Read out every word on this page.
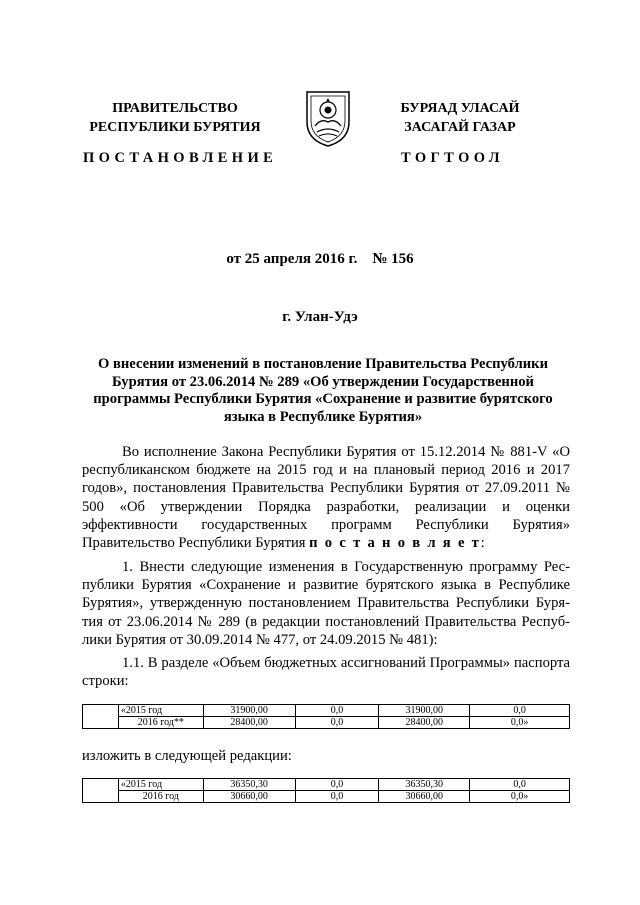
ПРАВИТЕЛЬСТВО
РЕСПУБЛИКИ БУРЯТИЯ
БУРЯАД УЛАСАЙ
ЗАСАГАЙ ГАЗАР
ПОСТАНОВЛЕНИЕ	ТОГТООЛ
от 25 апреля 2016 г.    № 156
г. Улан-Удэ
О внесении изменений в постановление Правительства Республики Бурятия от 23.06.2014 № 289 «Об утверждении Государственной программы Республики Бурятия «Сохранение и развитие бурятского языка в Республике Бурятия»
Во исполнение Закона Республики Бурятия от 15.12.2014 № 881-V «О республиканском бюджете на 2015 год и на плановый период 2016 и 2017 годов», постановления Правительства Республики Бурятия от 27.09.2011 № 500 «Об утверждении Порядка разработки, реализации и оценки эффективности государственных программ Республики Бурятия» Правительство Республики Бурятия п о с т а н о в л я е т:
1. Внести следующие изменения в Государственную программу Республики Бурятия «Сохранение и развитие бурятского языка в Республике Бурятия», утвержденную постановлением Правительства Республики Бурятия от 23.06.2014 № 289 (в редакции постановлений Правительства Республики Бурятия от 30.09.2014 № 477, от 24.09.2015 № 481):
1.1. В разделе «Объем бюджетных ассигнований Программы» паспорта строки:
	«2015 год	31900,00	0,0	31900,00	0,0
	2016 год**	28400,00	0,0	28400,00	0,0»
изложить в следующей редакции:
	«2015 год	36350,30	0,0	36350,30	0,0
	2016 год	30660,00	0,0	30660,00	0,0»
